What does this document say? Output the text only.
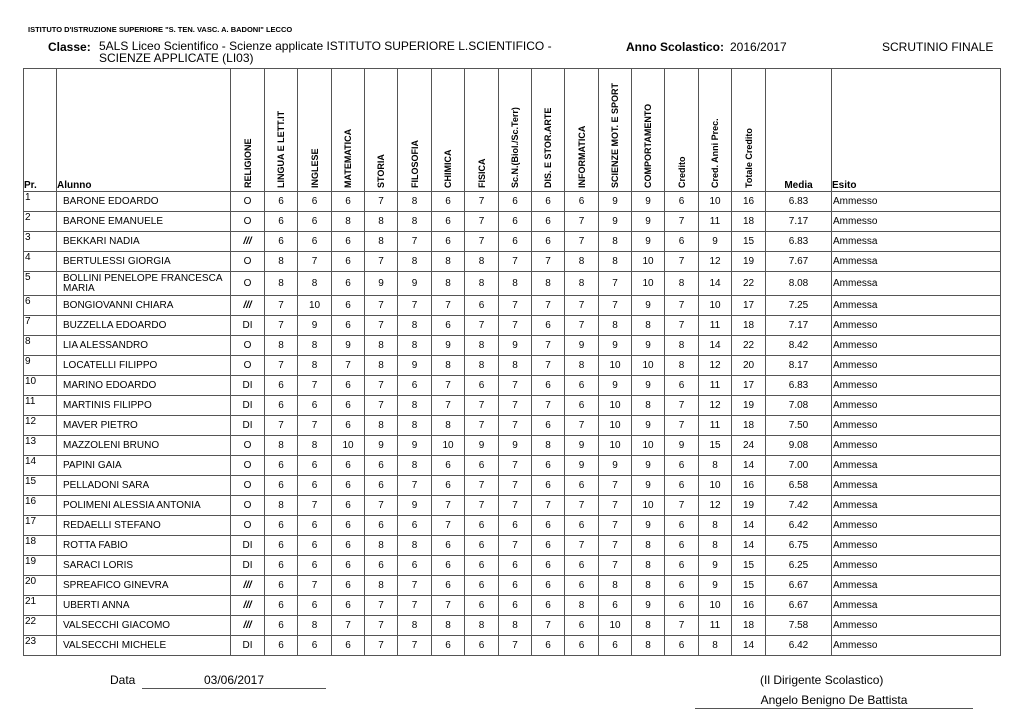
ISTITUTO D'ISTRUZIONE SUPERIORE "S. TEN. VASC. A. BADONI" LECCO
Classe: 5ALS Liceo Scientifico - Scienze applicate ISTITUTO SUPERIORE L.SCIENTIFICO - SCIENZE APPLICATE (LI03)
Anno Scolastico: 2016/2017	SCRUTINIO FINALE
Pr.	Alunno	RELIGIONE	LINGUA E LETT.IT	INGLESE	MATEMATICA	STORIA	FILOSOFIA	CHIMICA	FISICA	Sc.N.(Biol./Sc.Terr)	DIS. E STOR.ARTE	INFORMATICA	SCIENZE MOT. E SPORT	COMPORTAMENTO	Credito	Cred. Anni Prec.	Totale Credito	Media	Esito
1	BARONE EDOARDO	O	6	6	6	7	8	6	7	6	6	6	9	9	6	10	16	6.83	Ammesso
2	BARONE EMANUELE	O	6	6	8	8	8	6	7	6	6	7	9	9	7	11	18	7.17	Ammesso
3	BEKKARI NADIA	///	6	6	6	8	7	6	7	6	6	7	8	9	6	9	15	6.83	Ammessa
4	BERTULESSI GIORGIA	O	8	7	6	7	8	8	8	7	7	8	8	10	7	12	19	7.67	Ammessa
5	BOLLINI PENELOPE FRANCESCA MARIA	O	8	8	6	9	9	8	8	8	8	8	7	10	8	14	22	8.08	Ammessa
6	BONGIOVANNI CHIARA	///	7	10	6	7	7	7	6	7	7	7	7	9	7	10	17	7.25	Ammessa
7	BUZZELLA EDOARDO	DI	7	9	6	7	8	6	7	7	6	7	8	8	7	11	18	7.17	Ammesso
8	LIA ALESSANDRO	O	8	8	9	8	8	9	8	9	7	9	9	9	8	14	22	8.42	Ammesso
9	LOCATELLI FILIPPO	O	7	8	7	8	9	8	8	8	7	8	10	10	8	12	20	8.17	Ammesso
10	MARINO EDOARDO	DI	6	7	6	7	6	7	6	7	6	6	9	9	6	11	17	6.83	Ammesso
11	MARTINIS FILIPPO	DI	6	6	6	7	8	7	7	7	7	6	10	8	7	12	19	7.08	Ammesso
12	MAVER PIETRO	DI	7	7	6	8	8	8	7	7	6	7	10	9	7	11	18	7.50	Ammesso
13	MAZZOLENI BRUNO	O	8	8	10	9	9	10	9	9	8	9	10	10	9	15	24	9.08	Ammesso
14	PAPINI GAIA	O	6	6	6	6	8	6	6	7	6	9	9	9	6	8	14	7.00	Ammessa
15	PELLADONI SARA	O	6	6	6	6	7	6	7	7	6	6	7	9	6	10	16	6.58	Ammessa
16	POLIMENI ALESSIA ANTONIA	O	8	7	6	7	9	7	7	7	7	7	7	10	7	12	19	7.42	Ammessa
17	REDAELLI STEFANO	O	6	6	6	6	6	7	6	6	6	6	7	9	6	8	14	6.42	Ammesso
18	ROTTA FABIO	DI	6	6	6	8	8	6	6	7	6	7	7	8	6	8	14	6.75	Ammesso
19	SARACI LORIS	DI	6	6	6	6	6	6	6	6	6	6	7	8	6	9	15	6.25	Ammesso
20	SPREAFICO GINEVRA	///	6	7	6	8	7	6	6	6	6	6	8	8	6	9	15	6.67	Ammessa
21	UBERTI ANNA	///	6	6	6	7	7	7	6	6	6	8	6	9	6	10	16	6.67	Ammessa
22	VALSECCHI GIACOMO	///	6	8	7	7	8	8	8	8	7	6	10	8	7	11	18	7.58	Ammesso
23	VALSECCHI MICHELE	DI	6	6	6	7	7	6	6	7	6	6	6	8	6	8	14	6.42	Ammesso
Data	03/06/2017	(Il Dirigente Scolastico)
Angelo Benigno De Battista
